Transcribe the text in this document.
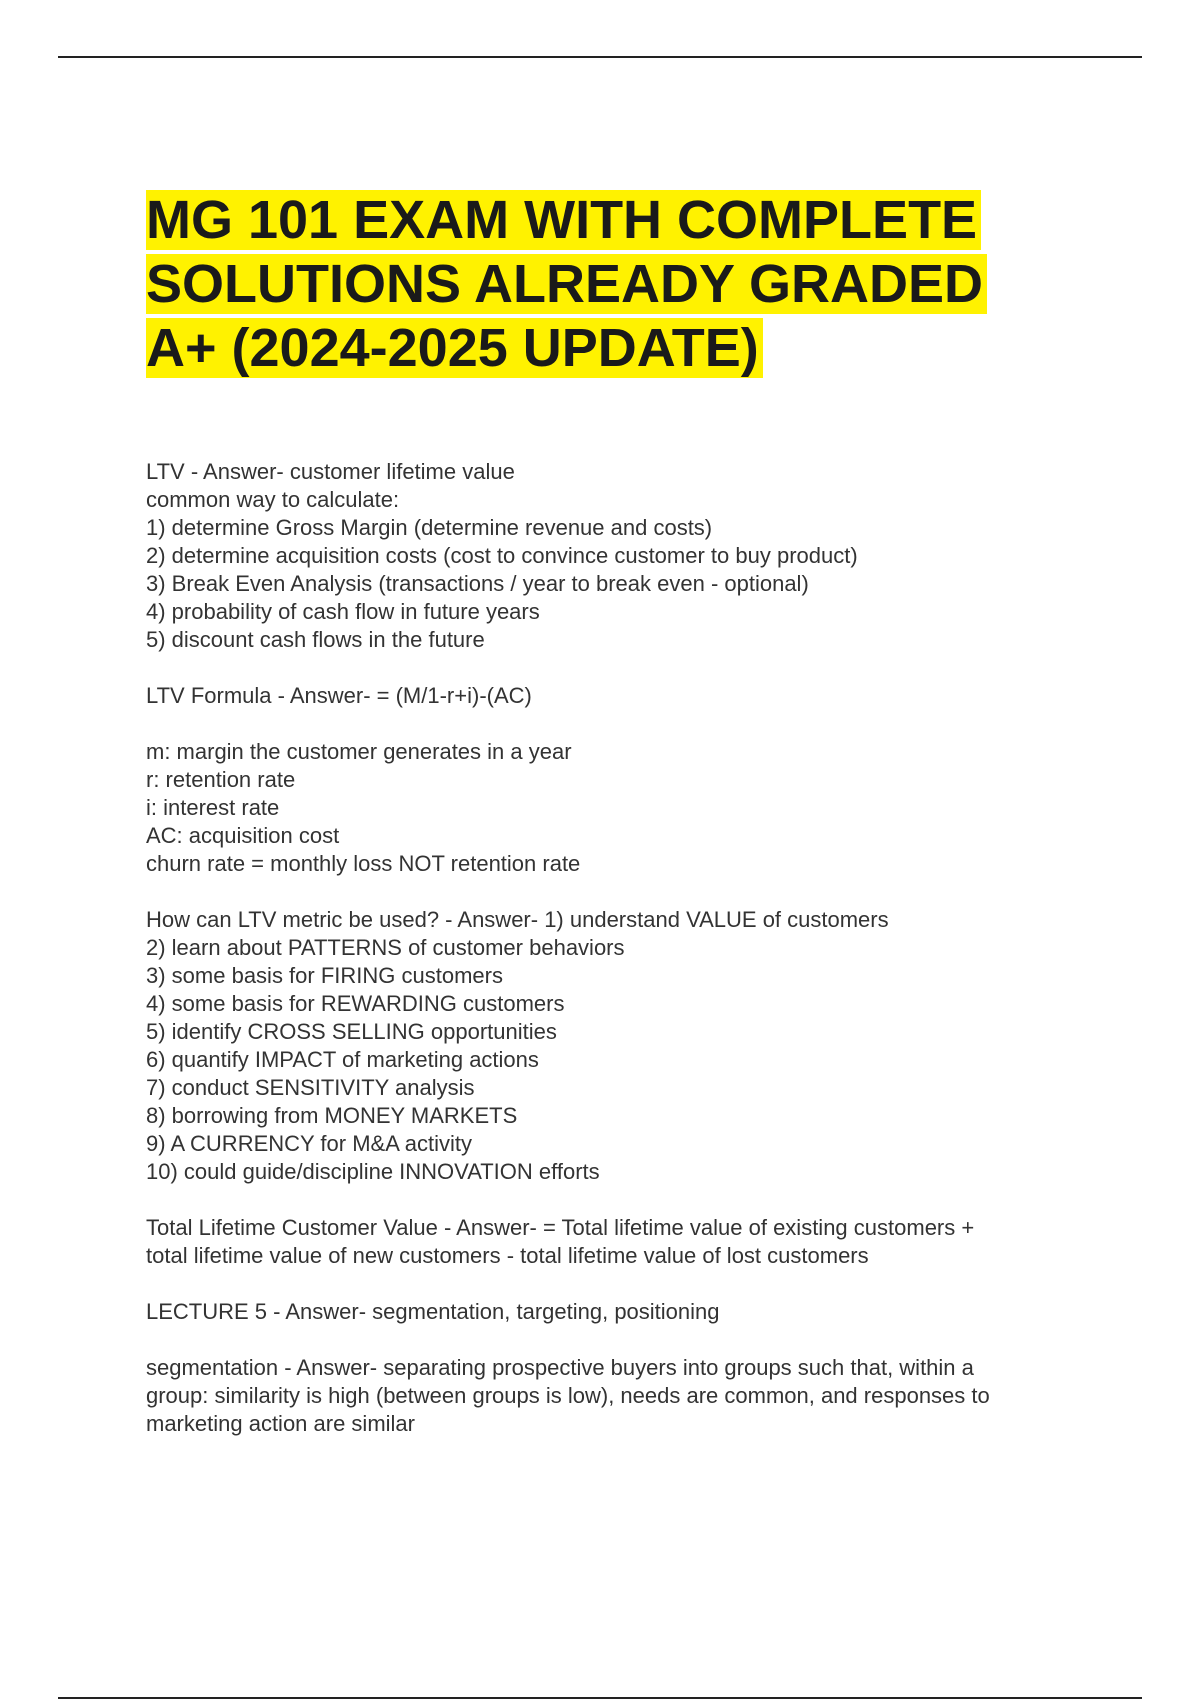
MG 101 EXAM WITH COMPLETE SOLUTIONS ALREADY GRADED A+ (2024-2025 UPDATE)
LTV - Answer- customer lifetime value
common way to calculate:
1) determine Gross Margin (determine revenue and costs)
2) determine acquisition costs (cost to convince customer to buy product)
3) Break Even Analysis (transactions / year to break even - optional)
4) probability of cash flow in future years
5) discount cash flows in the future
LTV Formula - Answer- = (M/1-r+i)-(AC)
m: margin the customer generates in a year
r: retention rate
i: interest rate
AC: acquisition cost
churn rate = monthly loss NOT retention rate
How can LTV metric be used? - Answer- 1) understand VALUE of customers
2) learn about PATTERNS of customer behaviors
3) some basis for FIRING customers
4) some basis for REWARDING customers
5) identify CROSS SELLING opportunities
6) quantify IMPACT of marketing actions
7) conduct SENSITIVITY analysis
8) borrowing from MONEY MARKETS
9) A CURRENCY for M&A activity
10) could guide/discipline INNOVATION efforts
Total Lifetime Customer Value - Answer- = Total lifetime value of existing customers +
total lifetime value of new customers - total lifetime value of lost customers
LECTURE 5 - Answer- segmentation, targeting, positioning
segmentation - Answer- separating prospective buyers into groups such that, within a
group: similarity is high (between groups is low), needs are common, and responses to
marketing action are similar
